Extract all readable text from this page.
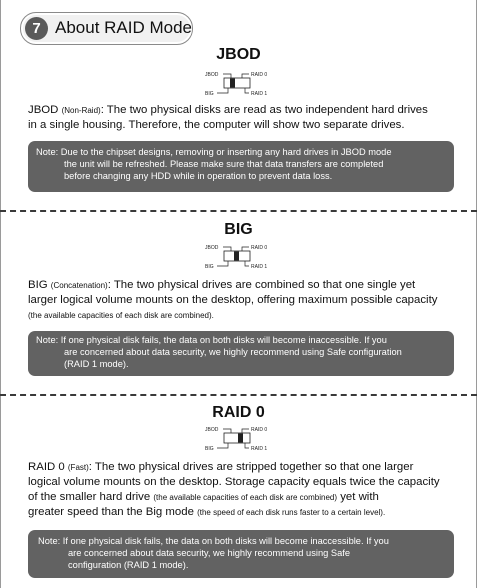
7 About RAID Mode
JBOD
JBOD	RAID 0
BIG	RAID 1
JBOD (Non-Raid): The two physical disks are read as two independent hard drives
in a single housing. Therefore, the computer will show two separate drives.
Note: Due to the chipset designs, removing or inserting any hard drives in JBOD mode
the unit will be refreshed. Please make sure that data transfers are completed
before changing any HDD while in operation to prevent data loss.
BIG
JBOD	RAID 0
BIG	RAID 1
BIG (Concatenation): The two physical drives are combined so that one single yet
larger logical volume mounts on the desktop, offering maximum possible capacity
(the available capacities of each disk are combined).
Note: If one physical disk fails, the data on both disks will become inaccessible. If you
are concerned about data security, we highly recommend using Safe configuration
(RAID 1 mode).
RAID 0
JBOD	RAID 0
BIG	RAID 1
RAID 0 (Fast): The two physical drives are stripped together so that one larger
logical volume mounts on the desktop. Storage capacity equals twice the capacity
of the smaller hard drive (the available capacities of each disk are combined) yet with
greater speed than the Big mode (the speed of each disk runs faster to a certain level).
Note: If one physical disk fails, the data on both disks will become inaccessible. If you
are concerned about data security, we highly recommend using Safe
configuration (RAID 1 mode).
